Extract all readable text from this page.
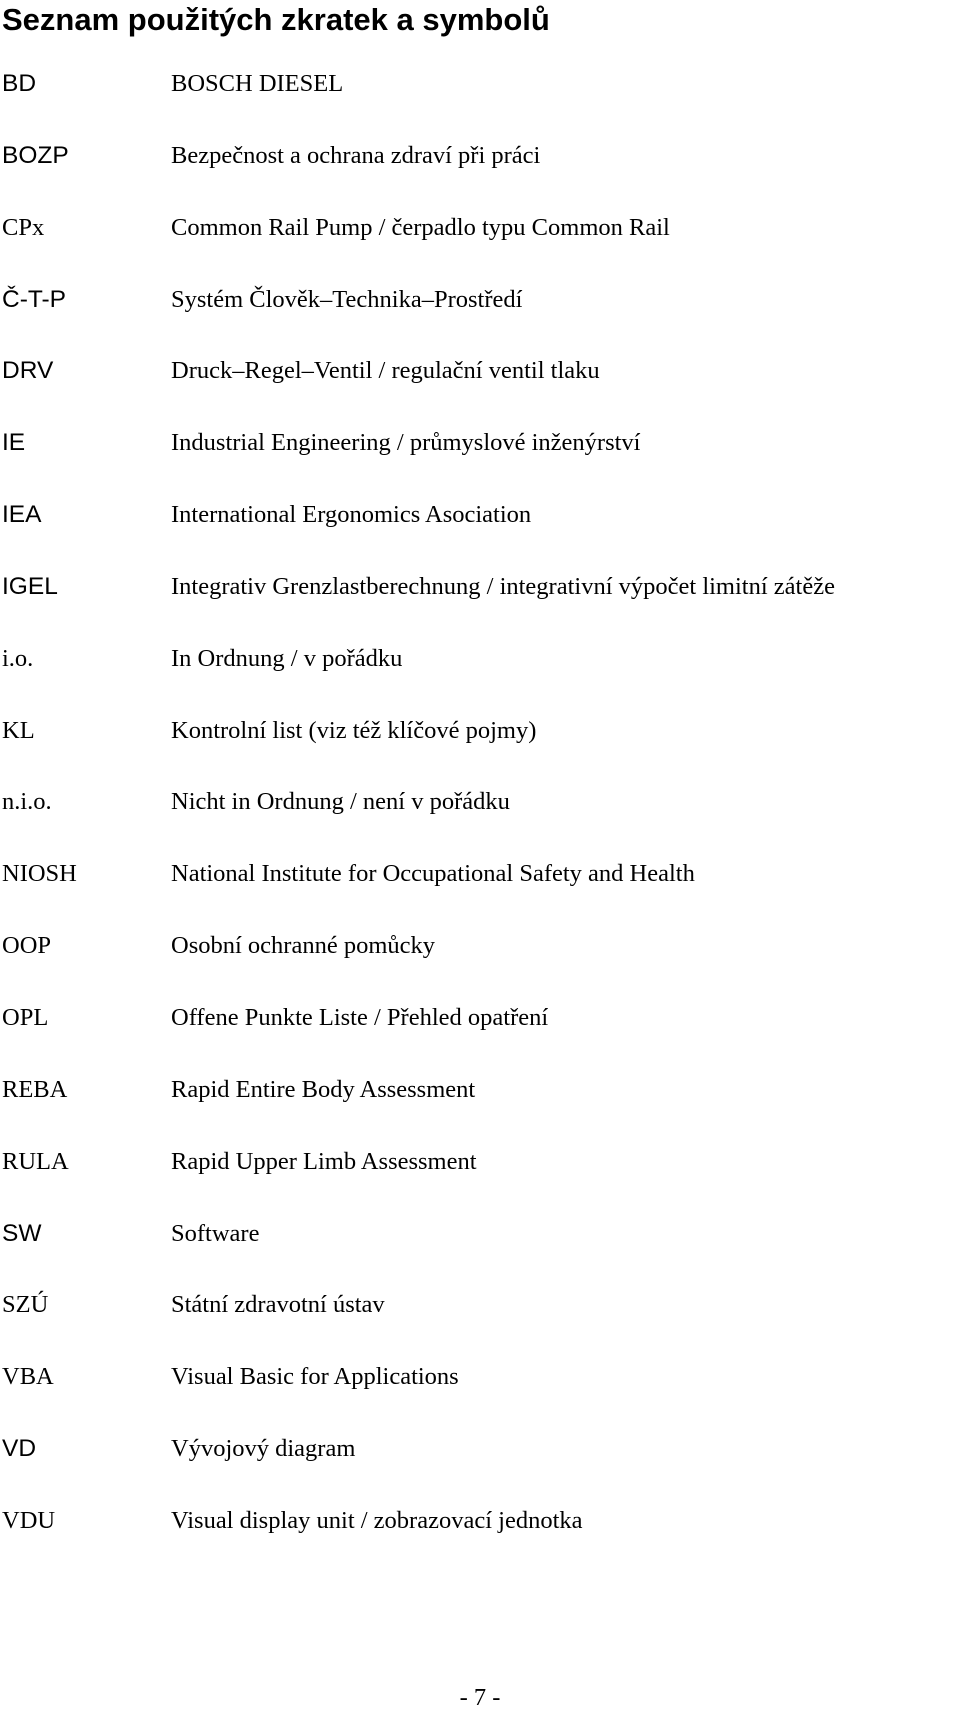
Seznam použitých zkratek a symbolů
BD	BOSCH DIESEL
BOZP	Bezpečnost a ochrana zdraví při práci
CPx	Common Rail Pump / čerpadlo typu Common Rail
Č-T-P	Systém Člověk–Technika–Prostředí
DRV	Druck–Regel–Ventil / regulační ventil tlaku
IE	Industrial Engineering / průmyslové inženýrství
IEA	International Ergonomics Asociation
IGEL	Integrativ Grenzlastberechnung / integrativní výpočet limitní zátěže
i.o.	In Ordnung / v pořádku
KL	Kontrolní list (viz též klíčové pojmy)
n.i.o.	Nicht in Ordnung / není v pořádku
NIOSH	National Institute for Occupational Safety and Health
OOP	Osobní ochranné pomůcky
OPL	Offene Punkte Liste / Přehled opatření
REBA	Rapid Entire Body Assessment
RULA	Rapid Upper Limb Assessment
SW	Software
SZÚ	Státní zdravotní ústav
VBA	Visual Basic for Applications
VD	Vývojový diagram
VDU	Visual display unit / zobrazovací jednotka
- 7 -
